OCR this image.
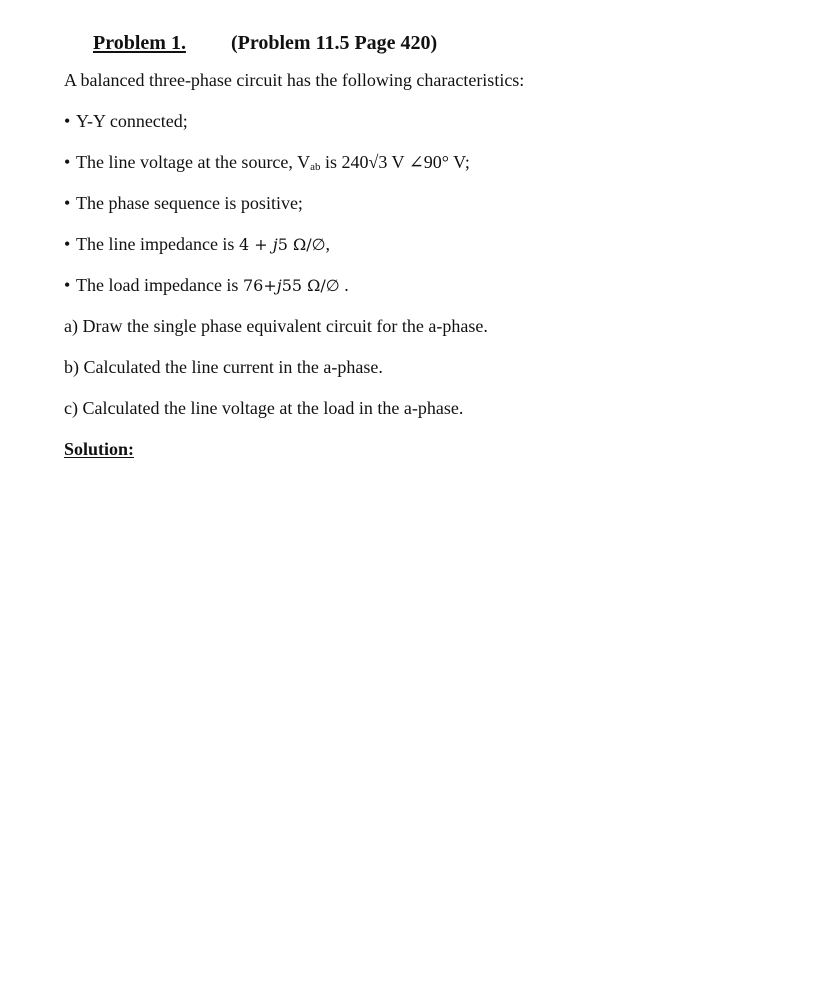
Problem 1. (Problem 11.5 Page 420)
A balanced three-phase circuit has the following characteristics:
• Y-Y connected;
• The line voltage at the source, $V_{ab}$ is 240√3 V ∠90° V;
• The phase sequence is positive;
• The line impedance is 4 + j5 Ω/∅,
• The load impedance is 76+j55 Ω/∅ .
a) Draw the single phase equivalent circuit for the a-phase.
b) Calculated the line current in the a-phase.
c) Calculated the line voltage at the load in the a-phase.
Solution:
